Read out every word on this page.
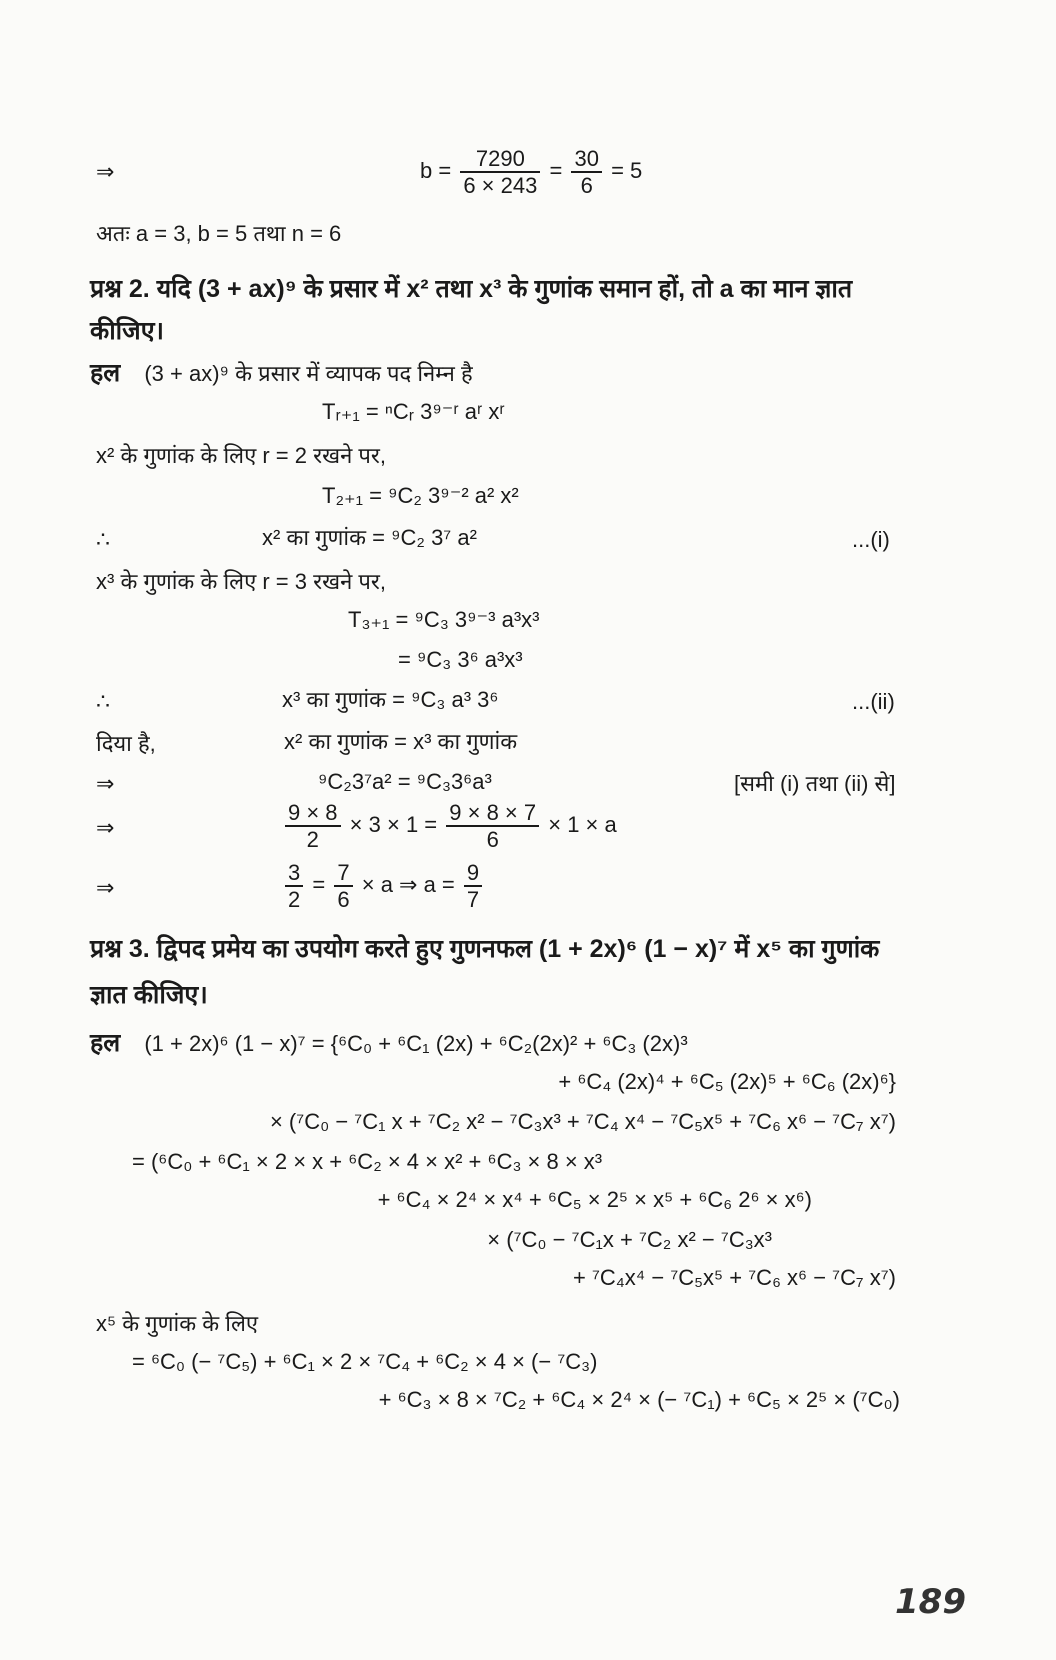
⇒	$b = \frac{7290}{6 \times 243} = \frac{30}{6} = 5$
अतः a = 3, b = 5 तथा n = 6
प्रश्न 2. यदि (3 + ax)⁹ के प्रसार में x² तथा x³ के गुणांक समान हों, तो a का मान ज्ञात
कीजिए।
हल (3 + ax)⁹ के प्रसार में व्यापक पद निम्न है
Tᵣ₊₁ = ⁿCᵣ 3⁹⁻ʳ aʳ xʳ
x² के गुणांक के लिए r = 2 रखने पर,
T₂₊₁ = ⁹C₂ 3⁹⁻² a² x²
∴	x² का गुणांक = ⁹C₂ 3⁷ a²	...(i)
x³ के गुणांक के लिए r = 3 रखने पर,
T₃₊₁ = ⁹C₃ 3⁹⁻³ a³x³
= ⁹C₃ 3⁶ a³x³
∴	x³ का गुणांक = ⁹C₃ a³ 3⁶	...(ii)
दिया है,	x² का गुणांक = x³ का गुणांक
⇒	⁹C₂3⁷a² = ⁹C₃3⁶a³	[समी (i) तथा (ii) से]
⇒	$\frac{9 \times 8}{2} \times 3 \times 1 = \frac{9 \times 8 \times 7}{6} \times 1 \times a$
⇒	$\frac{3}{2} = \frac{7}{6} \times a$ ⇒ $a = \frac{9}{7}$
प्रश्न 3. द्विपद प्रमेय का उपयोग करते हुए गुणनफल (1 + 2x)⁶ (1 − x)⁷ में x⁵ का गुणांक
ज्ञात कीजिए।
हल (1 + 2x)⁶ (1 − x)⁷ = {⁶C₀ + ⁶C₁ (2x) + ⁶C₂(2x)² + ⁶C₃ (2x)³
+ ⁶C₄ (2x)⁴ + ⁶C₅ (2x)⁵ + ⁶C₆ (2x)⁶}
× (⁷C₀ − ⁷C₁ x + ⁷C₂ x² − ⁷C₃x³ + ⁷C₄ x⁴ − ⁷C₅x⁵ + ⁷C₆ x⁶ − ⁷C₇ x⁷)
= (⁶C₀ + ⁶C₁ × 2 × x + ⁶C₂ × 4 × x² + ⁶C₃ × 8 × x³
+ ⁶C₄ × 2⁴ × x⁴ + ⁶C₅ × 2⁵ × x⁵ + ⁶C₆ 2⁶ × x⁶)
× (⁷C₀ − ⁷C₁x + ⁷C₂ x² − ⁷C₃x³
+ ⁷C₄x⁴ − ⁷C₅x⁵ + ⁷C₆ x⁶ − ⁷C₇ x⁷)
x⁵ के गुणांक के लिए
= ⁶C₀ (− ⁷C₅) + ⁶C₁ × 2 × ⁷C₄ + ⁶C₂ × 4 × (− ⁷C₃)
+ ⁶C₃ × 8 × ⁷C₂ + ⁶C₄ × 2⁴ × (− ⁷C₁) + ⁶C₅ × 2⁵ × (⁷C₀)
189
